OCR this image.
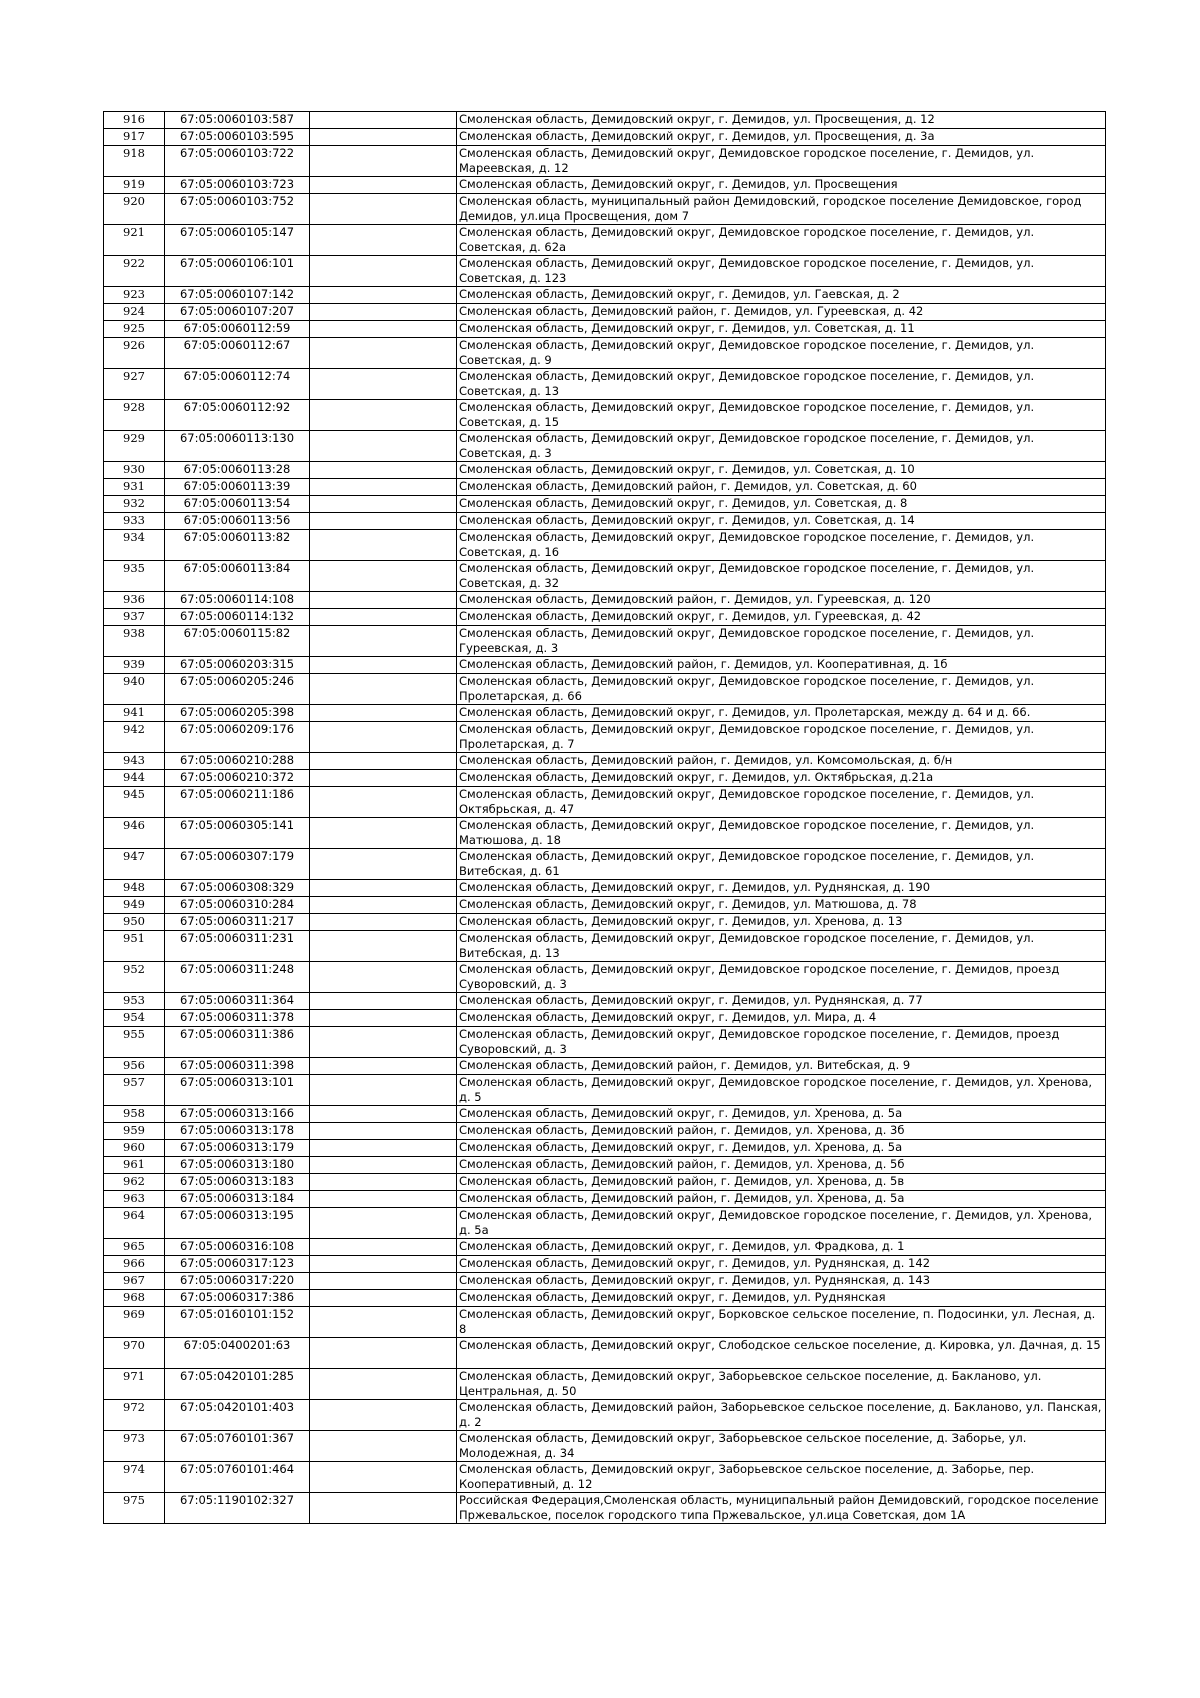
916	67:05:0060103:587		Смоленская область, Демидовский округ, г. Демидов, ул. Просвещения, д. 12
917	67:05:0060103:595		Смоленская область, Демидовский округ, г. Демидов, ул. Просвещения, д. 3а
918	67:05:0060103:722		Смоленская область, Демидовский округ, Демидовское городское поселение, г. Демидов, ул. Мареевская, д. 12
919	67:05:0060103:723		Смоленская область, Демидовский округ, г. Демидов, ул. Просвещения
920	67:05:0060103:752		Смоленская область, муниципальный район Демидовский, городское поселение Демидовское, город Демидов, ул.ица Просвещения, дом 7
921	67:05:0060105:147		Смоленская область, Демидовский округ, Демидовское городское поселение, г. Демидов, ул. Советская, д. 62а
922	67:05:0060106:101		Смоленская область, Демидовский округ, Демидовское городское поселение, г. Демидов, ул. Советская, д. 123
923	67:05:0060107:142		Смоленская область, Демидовский округ, г. Демидов, ул. Гаевская, д. 2
924	67:05:0060107:207		Смоленская область, Демидовский район, г. Демидов, ул. Гуреевская, д. 42
925	67:05:0060112:59		Смоленская область, Демидовский округ, г. Демидов, ул. Советская, д. 11
926	67:05:0060112:67		Смоленская область, Демидовский округ, Демидовское городское поселение, г. Демидов, ул. Советская, д. 9
927	67:05:0060112:74		Смоленская область, Демидовский округ, Демидовское городское поселение, г. Демидов, ул. Советская, д. 13
928	67:05:0060112:92		Смоленская область, Демидовский округ, Демидовское городское поселение, г. Демидов, ул. Советская, д. 15
929	67:05:0060113:130		Смоленская область, Демидовский округ, Демидовское городское поселение, г. Демидов, ул. Советская, д. 3
930	67:05:0060113:28		Смоленская область, Демидовский округ, г. Демидов, ул. Советская, д. 10
931	67:05:0060113:39		Смоленская область, Демидовский район, г. Демидов, ул. Советская, д. 60
932	67:05:0060113:54		Смоленская область, Демидовский округ, г. Демидов, ул. Советская, д. 8
933	67:05:0060113:56		Смоленская область, Демидовский округ, г. Демидов, ул. Советская, д. 14
934	67:05:0060113:82		Смоленская область, Демидовский округ, Демидовское городское поселение, г. Демидов, ул. Советская, д. 16
935	67:05:0060113:84		Смоленская область, Демидовский округ, Демидовское городское поселение, г. Демидов, ул. Советская, д. 32
936	67:05:0060114:108		Смоленская область, Демидовский район, г. Демидов, ул. Гуреевская, д. 120
937	67:05:0060114:132		Смоленская область, Демидовский округ, г. Демидов, ул. Гуреевская, д. 42
938	67:05:0060115:82		Смоленская область, Демидовский округ, Демидовское городское поселение, г. Демидов, ул. Гуреевская, д. 3
939	67:05:0060203:315		Смоленская область, Демидовский район, г. Демидов, ул. Кооперативная, д. 1б
940	67:05:0060205:246		Смоленская область, Демидовский округ, Демидовское городское поселение, г. Демидов, ул. Пролетарская, д. 66
941	67:05:0060205:398		Смоленская область, Демидовский округ, г. Демидов, ул. Пролетарская, между д. 64 и д. 66.
942	67:05:0060209:176		Смоленская область, Демидовский округ, Демидовское городское поселение, г. Демидов, ул. Пролетарская, д. 7
943	67:05:0060210:288		Смоленская область, Демидовский район, г. Демидов, ул. Комсомольская, д. б/н
944	67:05:0060210:372		Смоленская область, Демидовский округ, г. Демидов, ул. Октябрьская, д.21а
945	67:05:0060211:186		Смоленская область, Демидовский округ, Демидовское городское поселение, г. Демидов, ул. Октябрьская, д. 47
946	67:05:0060305:141		Смоленская область, Демидовский округ, Демидовское городское поселение, г. Демидов, ул. Матюшова, д. 18
947	67:05:0060307:179		Смоленская область, Демидовский округ, Демидовское городское поселение, г. Демидов, ул. Витебская, д. 61
948	67:05:0060308:329		Смоленская область, Демидовский округ, г. Демидов, ул. Руднянская, д. 190
949	67:05:0060310:284		Смоленская область, Демидовский округ, г. Демидов, ул. Матюшова, д. 78
950	67:05:0060311:217		Смоленская область, Демидовский округ, г. Демидов, ул. Хренова, д. 13
951	67:05:0060311:231		Смоленская область, Демидовский округ, Демидовское городское поселение, г. Демидов, ул. Витебская, д. 13
952	67:05:0060311:248		Смоленская область, Демидовский округ, Демидовское городское поселение, г. Демидов, проезд Суворовский, д. 3
953	67:05:0060311:364		Смоленская область, Демидовский округ, г. Демидов, ул. Руднянская, д. 77
954	67:05:0060311:378		Смоленская область, Демидовский округ, г. Демидов, ул. Мира, д. 4
955	67:05:0060311:386		Смоленская область, Демидовский округ, Демидовское городское поселение, г. Демидов, проезд Суворовский, д. 3
956	67:05:0060311:398		Смоленская область, Демидовский район, г. Демидов, ул. Витебская, д. 9
957	67:05:0060313:101		Смоленская область, Демидовский округ, Демидовское городское поселение, г. Демидов, ул. Хренова, д. 5
958	67:05:0060313:166		Смоленская область, Демидовский округ, г. Демидов, ул. Хренова, д. 5а
959	67:05:0060313:178		Смоленская область, Демидовский район, г. Демидов, ул. Хренова, д. 3б
960	67:05:0060313:179		Смоленская область, Демидовский округ, г. Демидов, ул. Хренова, д. 5а
961	67:05:0060313:180		Смоленская область, Демидовский район, г. Демидов, ул. Хренова, д. 5б
962	67:05:0060313:183		Смоленская область, Демидовский район, г. Демидов, ул. Хренова, д. 5в
963	67:05:0060313:184		Смоленская область, Демидовский район, г. Демидов, ул. Хренова, д. 5а
964	67:05:0060313:195		Смоленская область, Демидовский округ, Демидовское городское поселение, г. Демидов, ул. Хренова, д. 5а
965	67:05:0060316:108		Смоленская область, Демидовский округ, г. Демидов, ул. Фрадкова, д. 1
966	67:05:0060317:123		Смоленская область, Демидовский округ, г. Демидов, ул. Руднянская, д. 142
967	67:05:0060317:220		Смоленская область, Демидовский округ, г. Демидов, ул. Руднянская, д. 143
968	67:05:0060317:386		Смоленская область, Демидовский округ, г. Демидов, ул. Руднянская
969	67:05:0160101:152		Смоленская область, Демидовский округ, Борковское сельское поселение, п. Подосинки, ул. Лесная, д. 8
970	67:05:0400201:63		Смоленская область, Демидовский округ, Слободское сельское поселение, д. Кировка, ул. Дачная, д. 15
971	67:05:0420101:285		Смоленская область, Демидовский округ, Заборьевское сельское поселение, д. Бакланово, ул. Центральная, д. 50
972	67:05:0420101:403		Смоленская область, Демидовский район, Заборьевское сельское поселение, д. Бакланово, ул. Панская, д. 2
973	67:05:0760101:367		Смоленская область, Демидовский округ, Заборьевское сельское поселение, д. Заборье, ул. Молодежная, д. 34
974	67:05:0760101:464		Смоленская область, Демидовский округ, Заборьевское сельское поселение, д. Заборье, пер. Кооперативный, д. 12
975	67:05:1190102:327		Российская Федерация,Смоленская область, муниципальный район Демидовский, городское поселение Пржевальское, поселок городского типа Пржевальское, ул.ица Советская, дом 1А
